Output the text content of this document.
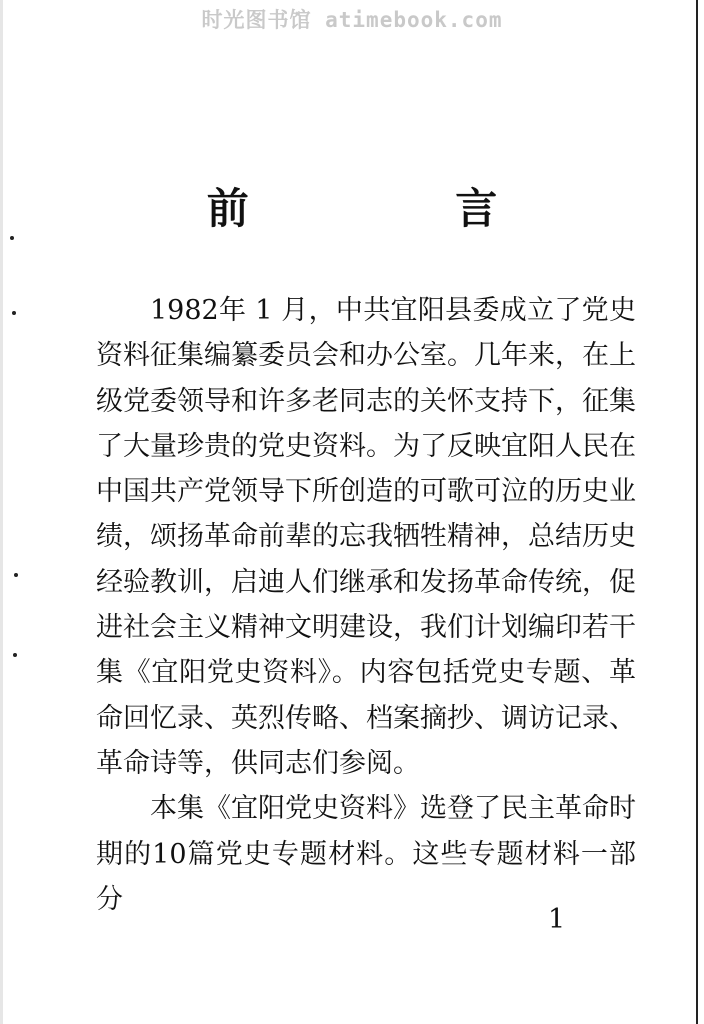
时光图书馆 atimebook.com
前 言

1982年 1 月，中共宜阳县委成立了党史资料征集编纂委员会和办公室。几年来，在上级党委领导和许多老同志的关怀支持下，征集了大量珍贵的党史资料。为了反映宜阳人民在中国共产党领导下所创造的可歌可泣的历史业绩，颂扬革命前辈的忘我牺牲精神，总结历史经验教训，启迪人们继承和发扬革命传统，促进社会主义精神文明建设，我们计划编印若干集《宜阳党史资料》。内容包括党史专题、革命回忆录、英烈传略、档案摘抄、调访记录、革命诗等，供同志们参阅。

本集《宜阳党史资料》选登了民主革命时期的10篇党史专题材料。这些专题材料一部分

1
